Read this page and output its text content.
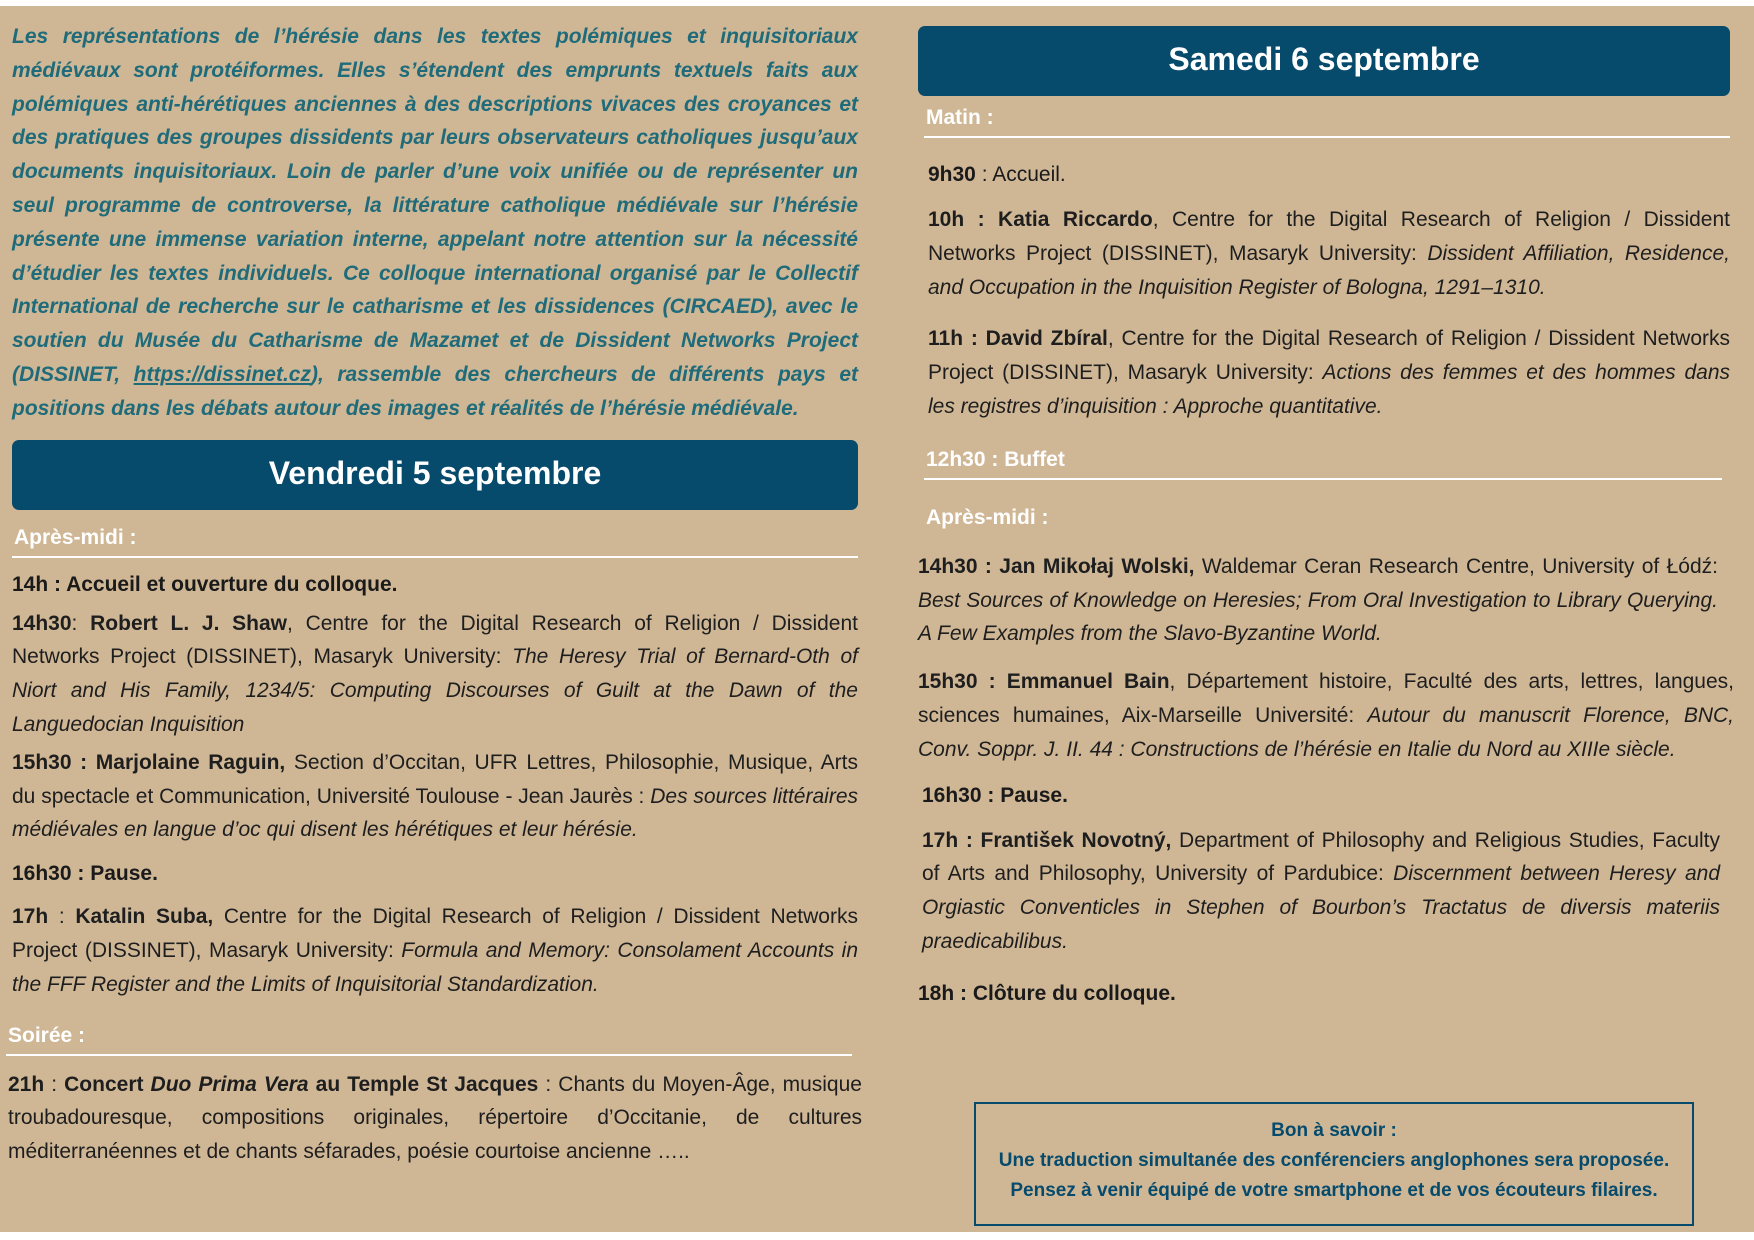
Les représentations de l’hérésie dans les textes polémiques et inquisitoriaux médiévaux sont protéiformes. Elles s’étendent des emprunts textuels faits aux polémiques anti-hérétiques anciennes à des descriptions vivaces des croyances et des pratiques des groupes dissidents par leurs observateurs catholiques jusqu’aux documents inquisitoriaux. Loin de parler d’une voix unifiée ou de représenter un seul programme de controverse, la littérature catholique médiévale sur l’hérésie présente une immense variation interne, appelant notre attention sur la nécessité d’étudier les textes individuels. Ce colloque international organisé par le Collectif International de recherche sur le catharisme et les dissidences (CIRCAED), avec le soutien du Musée du Catharisme de Mazamet et de Dissident Networks Project (DISSINET, https://dissinet.cz), rassemble des chercheurs de différents pays et positions dans les débats autour des images et réalités de l’hérésie médiévale.

Vendredi 5 septembre
Après-midi :

14h : Accueil et ouverture du colloque.

14h30: Robert L. J. Shaw, Centre for the Digital Research of Religion / Dissident Networks Project (DISSINET), Masaryk University: The Heresy Trial of Bernard-Oth of Niort and His Family, 1234/5: Computing Discourses of Guilt at the Dawn of the Languedocian Inquisition

15h30 : Marjolaine Raguin, Section d’Occitan, UFR Lettres, Philosophie, Musique, Arts du spectacle et Communication, Université Toulouse - Jean Jaurès : Des sources littéraires médiévales en langue d’oc qui disent les hérétiques et leur hérésie.

16h30 : Pause.

17h : Katalin Suba, Centre for the Digital Research of Religion / Dissident Networks Project (DISSINET), Masaryk University: Formula and Memory: Consolament Accounts in the FFF Register and the Limits of Inquisitorial Standardization.

Soirée :

21h : Concert Duo Prima Vera au Temple St Jacques : Chants du Moyen-Âge, musique troubadouresque, compositions originales, répertoire d’Occitanie, de cultures méditerranéennes et de chants séfarades, poésie courtoise ancienne …..

Samedi 6 septembre
Matin :

9h30 : Accueil.

10h : Katia Riccardo, Centre for the Digital Research of Religion / Dissident Networks Project (DISSINET), Masaryk University: Dissident Affiliation, Residence, and Occupation in the Inquisition Register of Bologna, 1291–1310.

11h : David Zbíral, Centre for the Digital Research of Religion / Dissident Networks Project (DISSINET), Masaryk University: Actions des femmes et des hommes dans les registres d’inquisition : Approche quantitative.

12h30 : Buffet
Après-midi :

14h30 : Jan Mikołaj Wolski, Waldemar Ceran Research Centre, University of Łódź: Best Sources of Knowledge on Heresies; From Oral Investigation to Library Querying. A Few Examples from the Slavo-Byzantine World.

15h30 : Emmanuel Bain, Département histoire, Faculté des arts, lettres, langues, sciences humaines, Aix-Marseille Université: Autour du manuscrit Florence, BNC, Conv. Soppr. J. II. 44 : Constructions de l’hérésie en Italie du Nord au XIIIe siècle.

16h30 : Pause.

17h : František Novotný, Department of Philosophy and Religious Studies, Faculty of Arts and Philosophy, University of Pardubice: Discernment between Heresy and Orgiastic Conventicles in Stephen of Bourbon’s Tractatus de diversis materiis praedicabilibus.

18h : Clôture du colloque.

Bon à savoir :
Une traduction simultanée des conférenciers anglophones sera proposée.
Pensez à venir équipé de votre smartphone et de vos écouteurs filaires.
